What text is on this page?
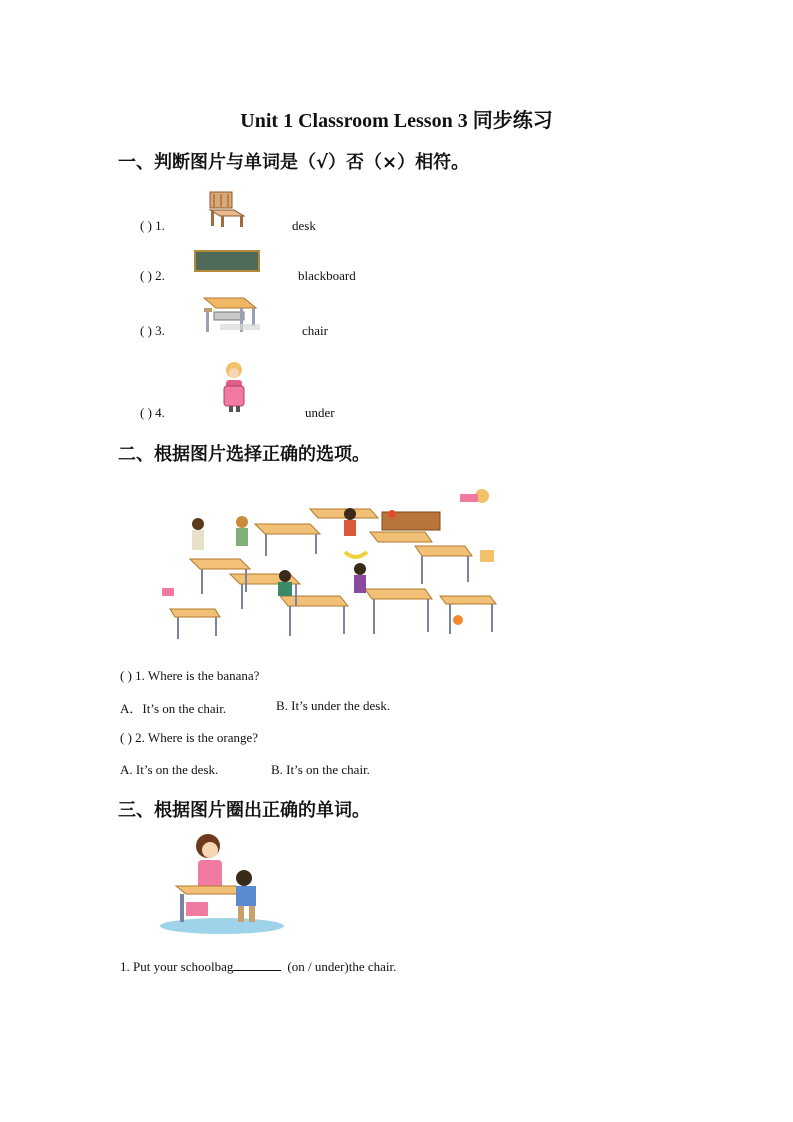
Unit 1 Classroom Lesson 3 同步练习
一、判断图片与单词是（√）否（×）相符。
( ) 1.	desk
( ) 2.	blackboard
( ) 3.	chair
( ) 4.	under
二、根据图片选择正确的选项。
( ) 1. Where is the banana?
A．It’s on the chair.	B. It’s under the desk.
( ) 2. Where is the orange?
A. It’s on the desk.	B. It’s on the chair.
三、根据图片圈出正确的单词。
1. Put your schoolbag	(on / under)the chair.
